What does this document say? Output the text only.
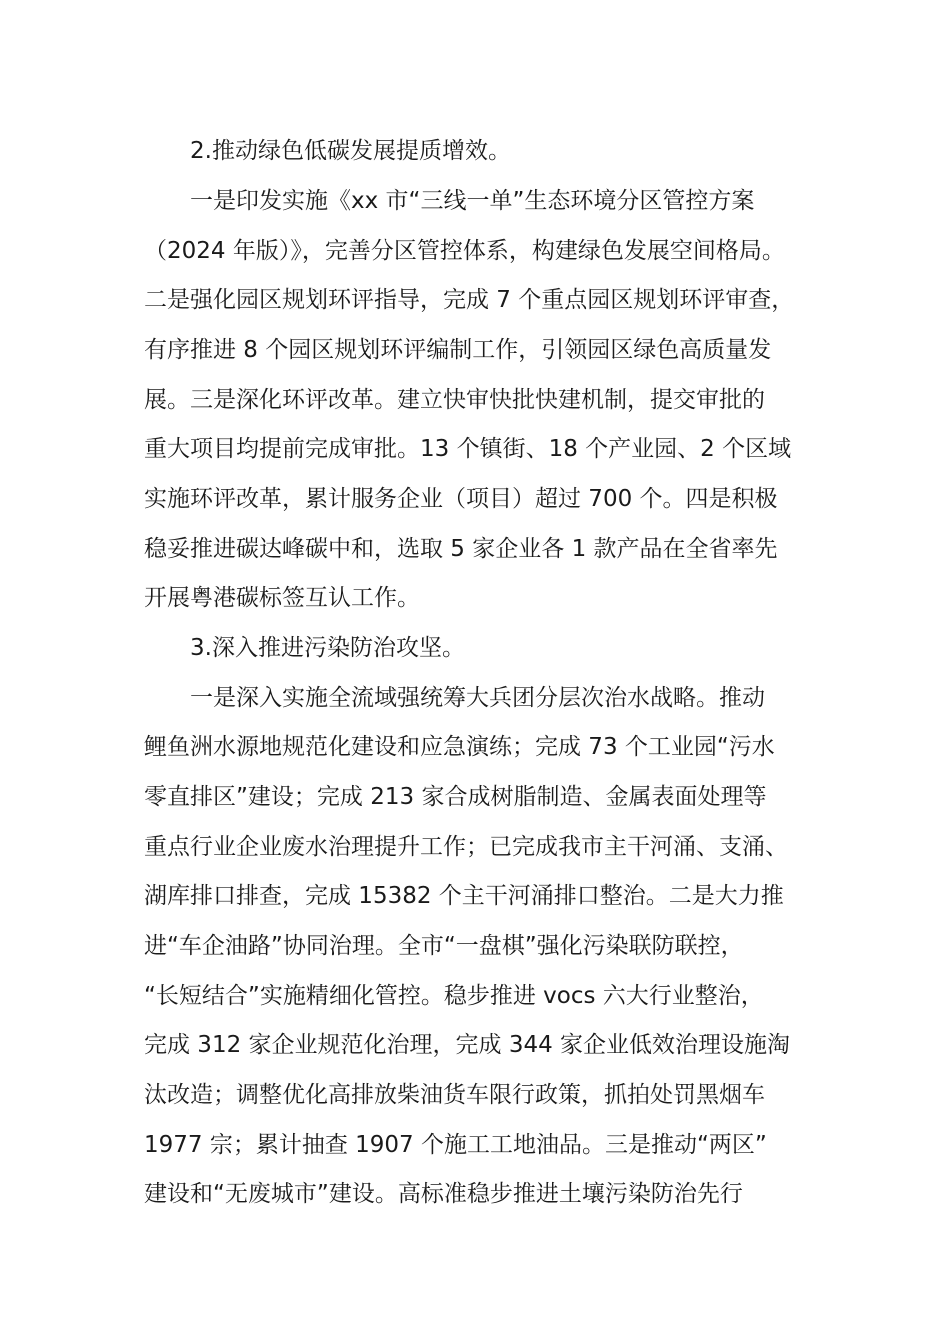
2.推动绿色低碳发展提质增效。
一是印发实施《xx 市“三线一单”生态环境分区管控方案
（2024 年版）》，完善分区管控体系，构建绿色发展空间格局。
二是强化园区规划环评指导，完成 7 个重点园区规划环评审查，
有序推进 8 个园区规划环评编制工作，引领园区绿色高质量发
展。三是深化环评改革。建立快审快批快建机制，提交审批的
重大项目均提前完成审批。13 个镇街、18 个产业园、2 个区域
实施环评改革，累计服务企业（项目）超过 700 个。四是积极
稳妥推进碳达峰碳中和，选取 5 家企业各 1 款产品在全省率先
开展粤港碳标签互认工作。
3.深入推进污染防治攻坚。
一是深入实施全流域强统筹大兵团分层次治水战略。推动
鲤鱼洲水源地规范化建设和应急演练；完成 73 个工业园“污水
零直排区”建设；完成 213 家合成树脂制造、金属表面处理等
重点行业企业废水治理提升工作；已完成我市主干河涌、支涌、
湖库排口排查，完成 15382 个主干河涌排口整治。二是大力推
进“车企油路”协同治理。全市“一盘棋”强化污染联防联控，
“长短结合”实施精细化管控。稳步推进 vocs 六大行业整治，
完成 312 家企业规范化治理，完成 344 家企业低效治理设施淘
汰改造；调整优化高排放柴油货车限行政策，抓拍处罚黑烟车
1977 宗；累计抽查 1907 个施工工地油品。三是推动“两区”
建设和“无废城市”建设。高标准稳步推进土壤污染防治先行
